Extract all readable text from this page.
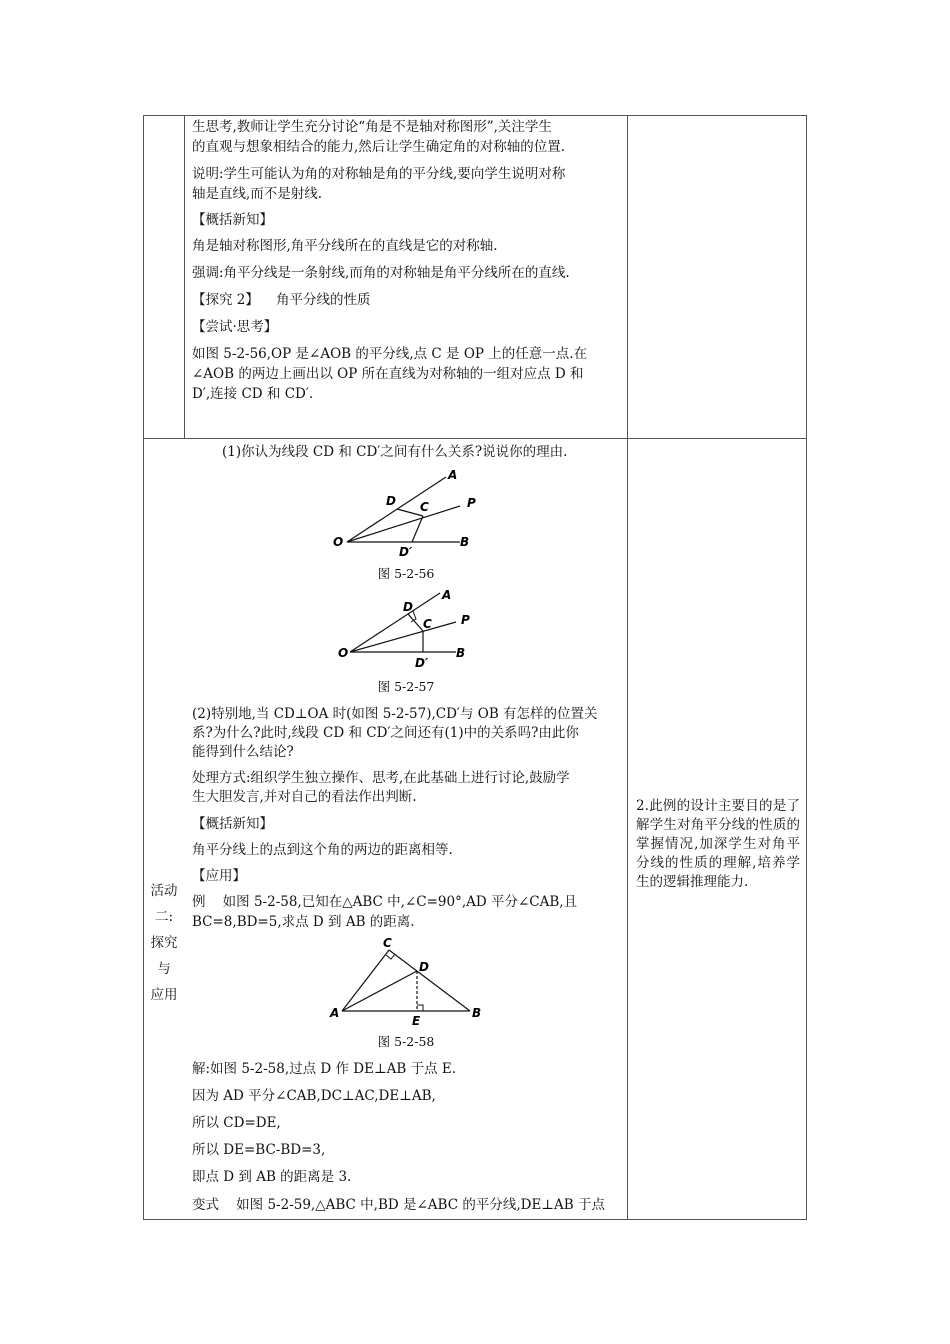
生思考,教师让学生充分讨论“角是不是轴对称图形”,关注学生
的直观与想象相结合的能力,然后让学生确定角的对称轴的位置.
说明:学生可能认为角的对称轴是角的平分线,要向学生说明对称
轴是直线,而不是射线.
【概括新知】
角是轴对称图形,角平分线所在的直线是它的对称轴.
强调:角平分线是一条射线,而角的对称轴是角平分线所在的直线.
【探究 2】    角平分线的性质
【尝试·思考】
如图 5-2-56,OP 是∠AOB 的平分线,点 C 是 OP 上的任意一点.在
∠AOB 的两边上画出以 OP 所在直线为对称轴的一组对应点 D 和
D′,连接 CD 和 CD′.
(1)你认为线段 CD 和 CD′之间有什么关系?说说你的理由.
A
D C	P
O
D′
B
图 5-2-56
A
D
C P
O
D′
B
图 5-2-57
(2)特别地,当 CD⊥OA 时(如图 5-2-57),CD′与 OB 有怎样的位置关
系?为什么?此时,线段 CD 和 CD′之间还有(1)中的关系吗?由此你
能得到什么结论?
处理方式:组织学生独立操作、思考,在此基础上进行讨论,鼓励学
生大胆发言,并对自己的看法作出判断.
【概括新知】
角平分线上的点到这个角的两边的距离相等.
【应用】
例    如图 5-2-58,已知在△ABC 中,∠C=90°,AD 平分∠CAB,且
BC=8,BD=5,求点 D 到 AB 的距离.
活动
二:
探究
与
应用
C
D
A
E
B
图 5-2-58
解:如图 5-2-58,过点 D 作 DE⊥AB 于点 E.
因为 AD 平分∠CAB,DC⊥AC,DE⊥AB,
所以 CD=DE,
所以 DE=BC-BD=3,
即点 D 到 AB 的距离是 3.
变式    如图 5-2-59,△ABC 中,BD 是∠ABC 的平分线,DE⊥AB 于点
2.此例的设计主要目的是了解学生对角平分线的性质的掌握情况,加深学生对角平分线的性质的理解,培养学生的逻辑推理能力.
